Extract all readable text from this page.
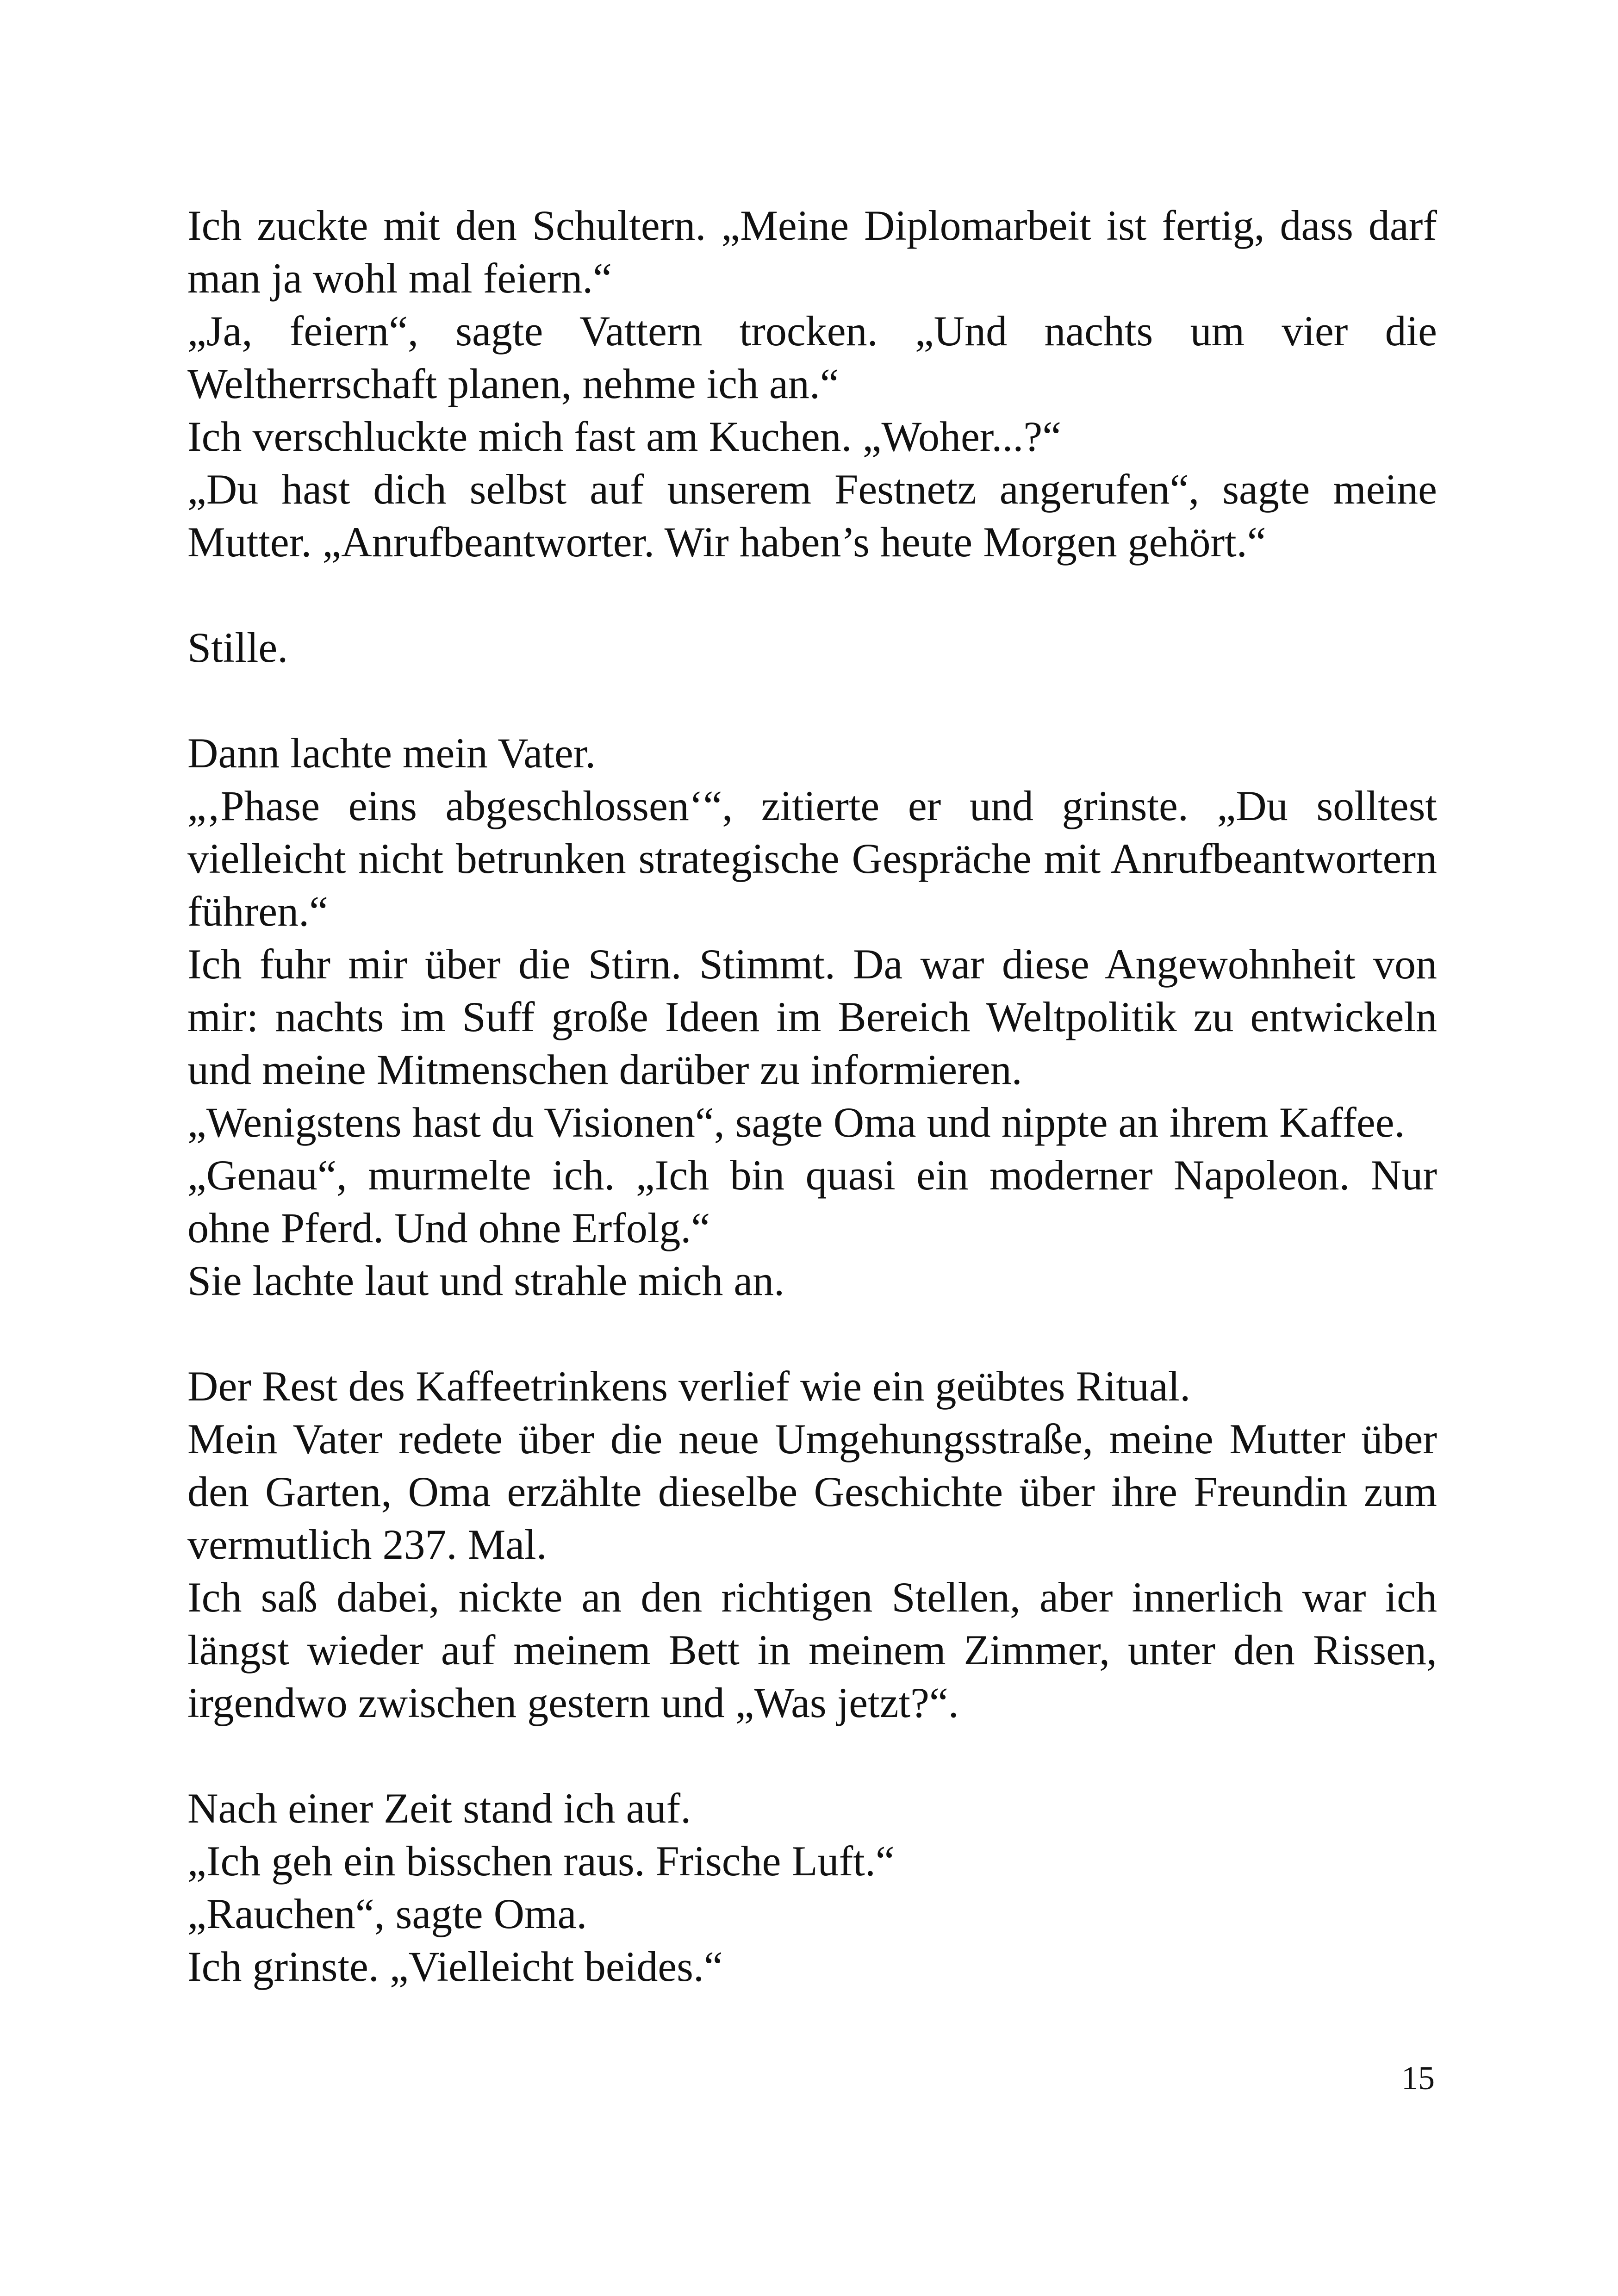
Ich zuckte mit den Schultern. „Meine Diplomarbeit ist fertig, dass darf man ja wohl mal feiern.“

„Ja, feiern“, sagte Vattern trocken. „Und nachts um vier die Weltherrschaft planen, nehme ich an.“

Ich verschluckte mich fast am Kuchen. „Woher...?“

„Du hast dich selbst auf unserem Festnetz angerufen“, sagte meine Mutter. „Anrufbeantworter. Wir haben’s heute Morgen gehört.“

Stille.

Dann lachte mein Vater.

„‚Phase eins abgeschlossen‘“, zitierte er und grinste. „Du solltest vielleicht nicht betrunken strategische Gespräche mit Anrufbeantwortern führen.“

Ich fuhr mir über die Stirn. Stimmt. Da war diese Angewohnheit von mir: nachts im Suff große Ideen im Bereich Weltpolitik zu entwickeln und meine Mitmenschen darüber zu informieren.

„Wenigstens hast du Visionen“, sagte Oma und nippte an ihrem Kaffee.

„Genau“, murmelte ich. „Ich bin quasi ein moderner Napoleon. Nur ohne Pferd. Und ohne Erfolg.“

Sie lachte laut und strahle mich an.

Der Rest des Kaffeetrinkens verlief wie ein geübtes Ritual.

Mein Vater redete über die neue Umgehungsstraße, meine Mutter über den Garten, Oma erzählte dieselbe Geschichte über ihre Freundin zum vermutlich 237. Mal.

Ich saß dabei, nickte an den richtigen Stellen, aber innerlich war ich längst wieder auf meinem Bett in meinem Zimmer, unter den Rissen, irgendwo zwischen gestern und „Was jetzt?“.

Nach einer Zeit stand ich auf.

„Ich geh ein bisschen raus. Frische Luft.“

„Rauchen“, sagte Oma.

Ich grinste. „Vielleicht beides.“

15
